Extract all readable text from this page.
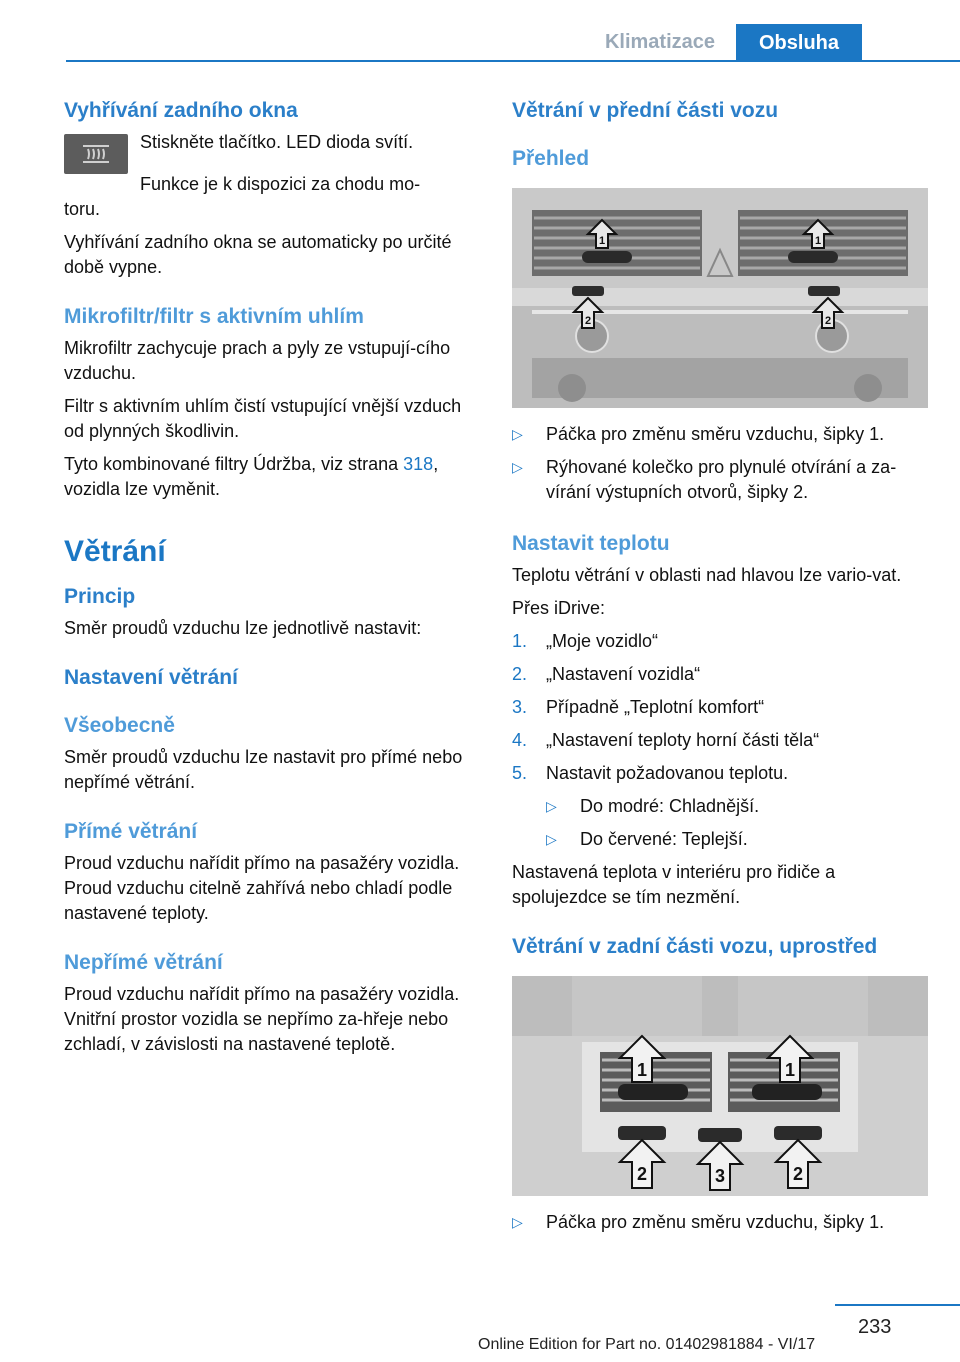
Klimatizace	Obsluha
Vyhřívání zadního okna

Stiskněte tlačítko. LED dioda svítí.

Funkce je k dispozici za chodu mo-

toru.

Vyhřívání zadního okna se automaticky po určité době vypne.

Mikrofiltr/filtr s aktivním uhlím

Mikrofiltr zachycuje prach a pyly ze vstupují-cího vzduchu.

Filtr s aktivním uhlím čistí vstupující vnější vzduch od plynných škodlivin.

Tyto kombinované filtry Údržba, viz strana 318, vozidla lze vyměnit.

Větrání
Princip

Směr proudů vzduchu lze jednotlivě nastavit:

Nastavení větrání
Všeobecně

Směr proudů vzduchu lze nastavit pro přímé nebo nepřímé větrání.

Přímé větrání

Proud vzduchu nařídit přímo na pasažéry vozidla. Proud vzduchu citelně zahřívá nebo chladí podle nastavené teploty.

Nepřímé větrání

Proud vzduchu nařídit přímo na pasažéry vozidla. Vnitřní prostor vozidla se nepřímo za-hřeje nebo zchladí, v závislosti na nastavené teplotě.

Větrání v přední části vozu
Přehled
1	1
2	2
▷ Páčka pro změnu směru vzduchu, šipky 1.
▷ Rýhované kolečko pro plynulé otvírání a za-vírání výstupních otvorů, šipky 2.
Nastavit teplotu

Teplotu větrání v oblasti nad hlavou lze vario-vat.

Přes iDrive:

1. „Moje vozidlo“
2. „Nastavení vozidla“
3. Případně „Teplotní komfort“
4. „Nastavení teploty horní části těla“
5. Nastavit požadovanou teplotu.
▷ Do modré: Chladnější.
▷ Do červené: Teplejší.

Nastavená teplota v interiéru pro řidiče a spolujezdce se tím nezmění.

Větrání v zadní části vozu, uprostřed
1	1
2	3	2
▷ Páčka pro změnu směru vzduchu, šipky 1.
233
Online Edition for Part no. 01402981884 - VI/17
